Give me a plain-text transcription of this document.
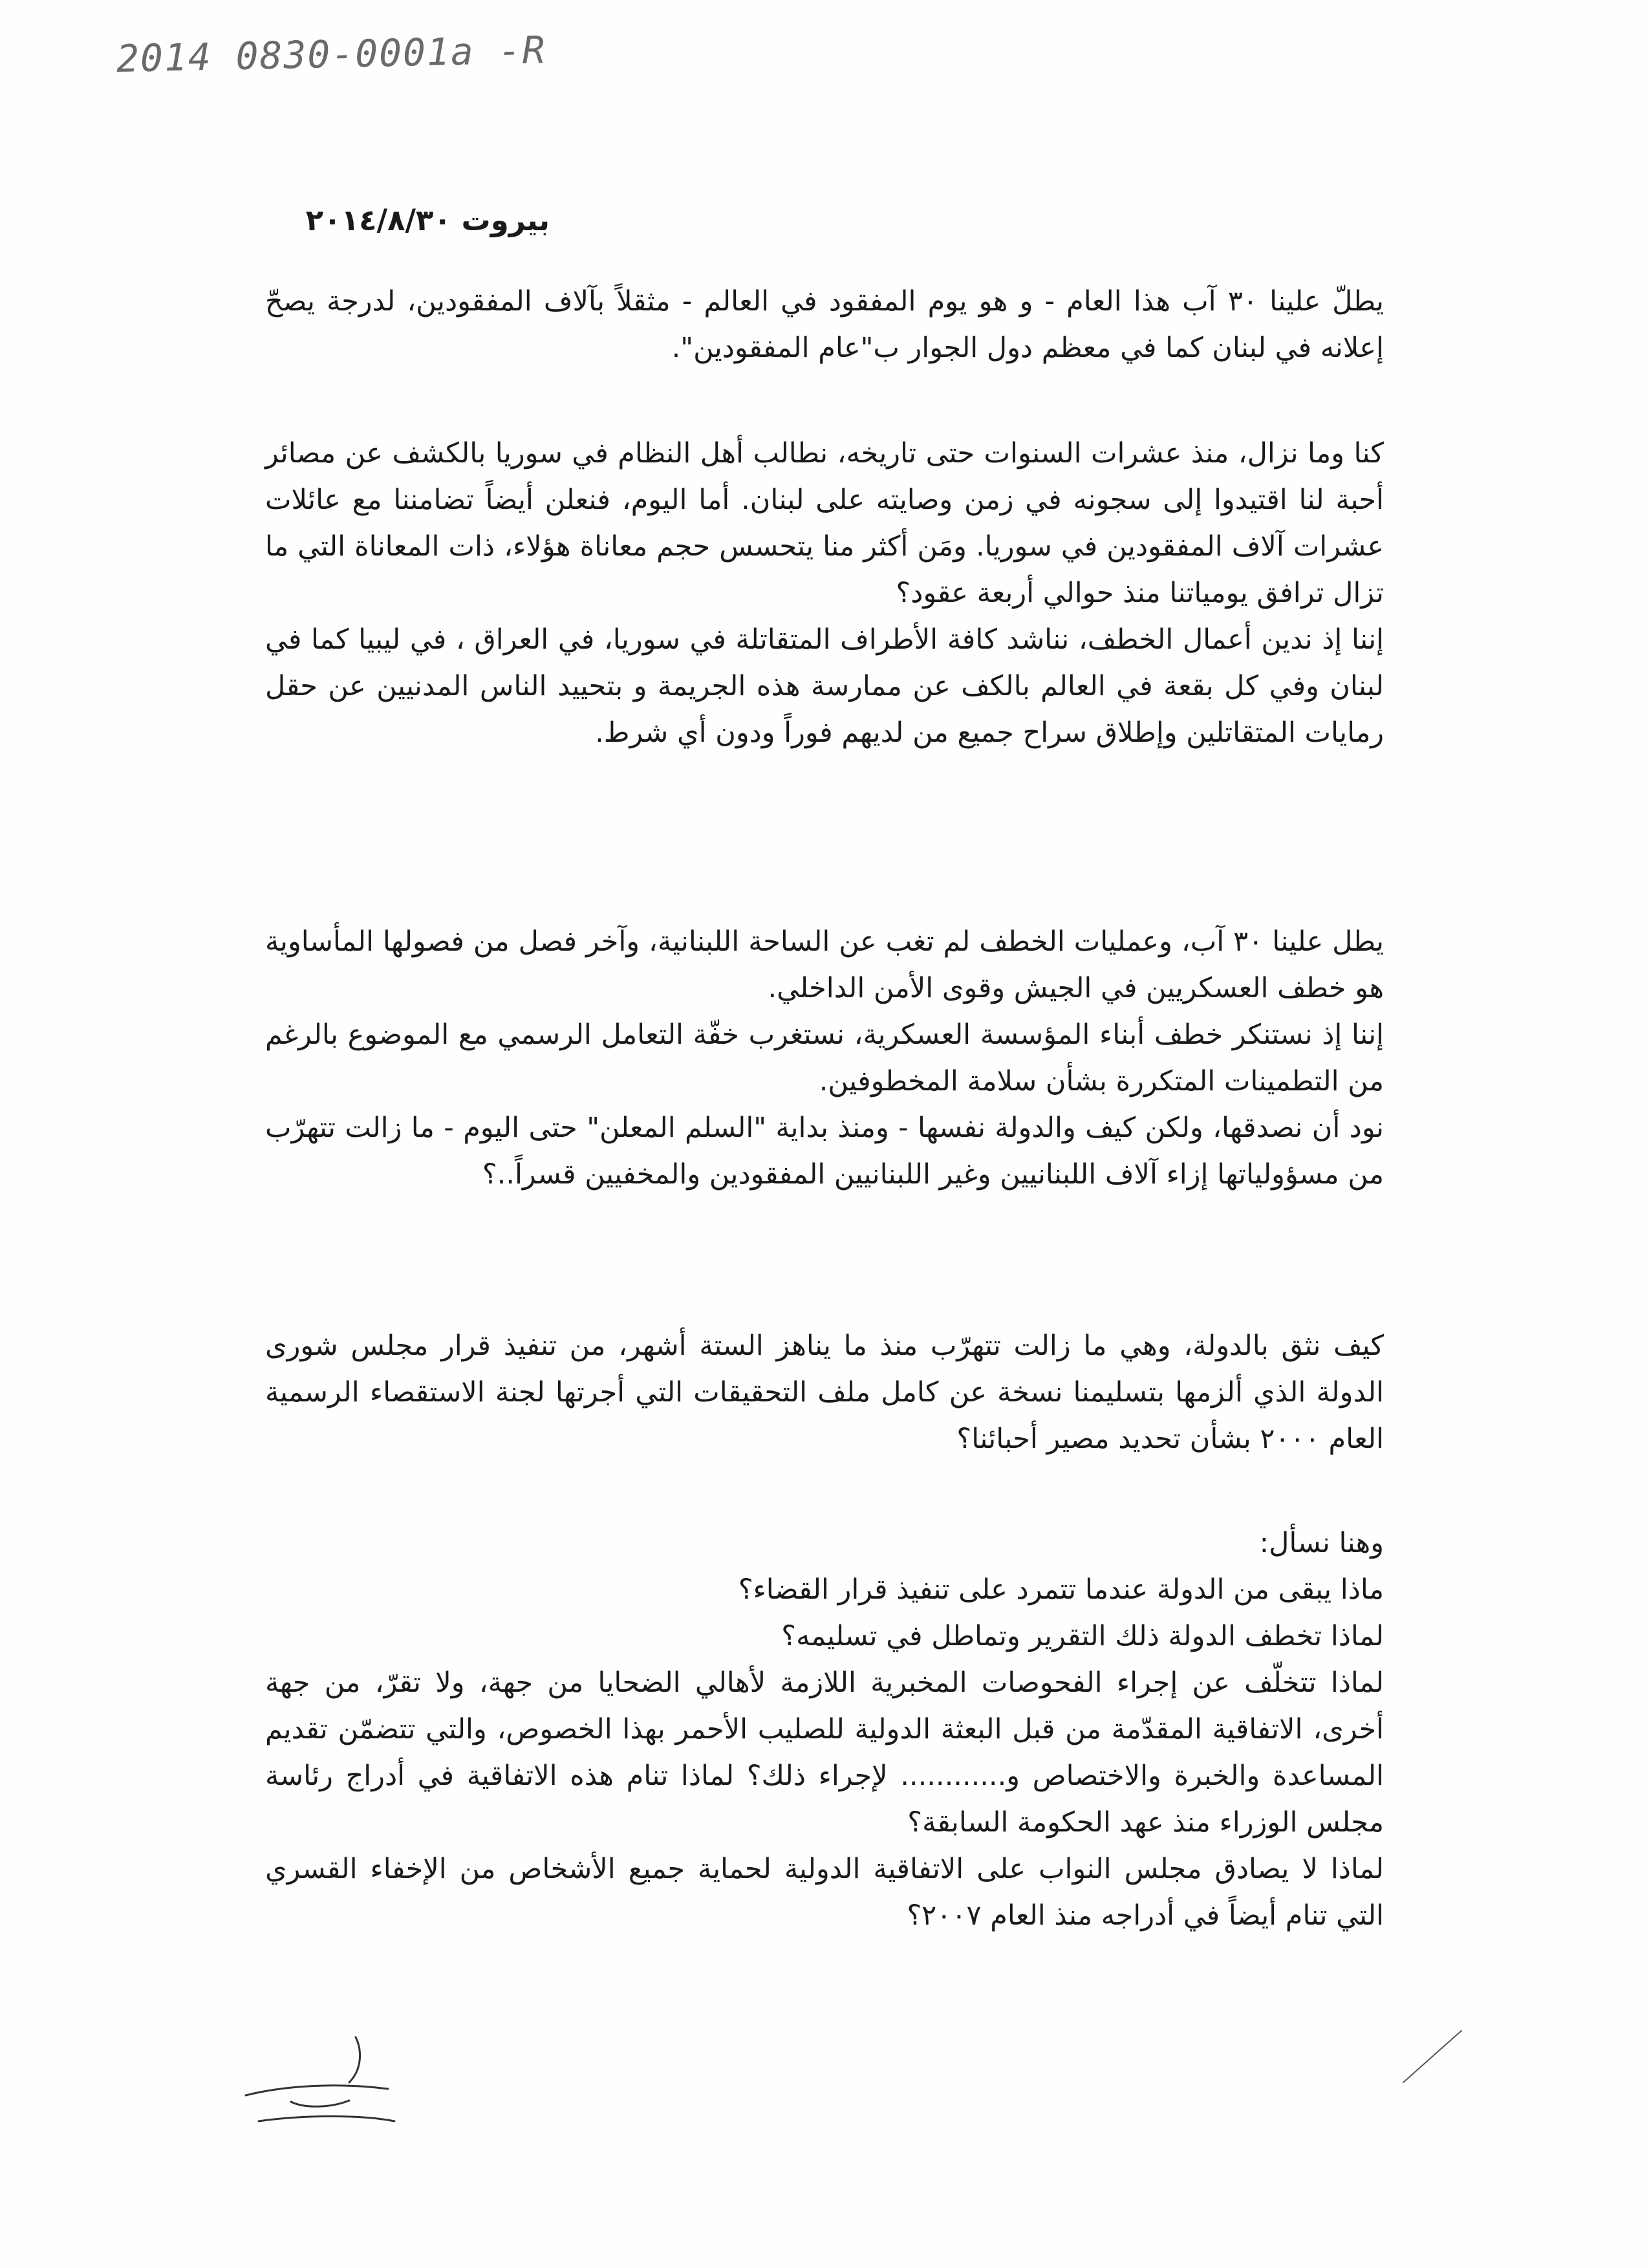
2014 0830-0001a -R
بيروت ٢٠١٤/٨/٣٠

يطلّ علينا ٣٠ آب هذا العام - و هو يوم المفقود في العالم - مثقلاً بآلاف المفقودين، لدرجة يصحّ إعلانه في لبنان كما في معظم دول الجوار ب"عام المفقودين".

كنا وما نزال، منذ عشرات السنوات حتى تاريخه، نطالب أهل النظام في سوريا بالكشف عن مصائر أحبة لنا اقتيدوا إلى سجونه في زمن وصايته على لبنان. أما اليوم، فنعلن أيضاً تضامننا مع عائلات عشرات آلاف المفقودين في سوريا. ومَن أكثر منا يتحسس حجم معاناة هؤلاء، ذات المعاناة التي ما تزال ترافق يومياتنا منذ حوالي أربعة عقود؟

إننا إذ ندين أعمال الخطف، نناشد كافة الأطراف المتقاتلة في سوريا، في العراق ، في ليبيا كما في لبنان وفي كل بقعة في العالم بالكف عن ممارسة هذه الجريمة و بتحييد الناس المدنيين عن حقل رمايات المتقاتلين وإطلاق سراح جميع من لديهم فوراً ودون أي شرط.

يطل علينا ٣٠ آب، وعمليات الخطف لم تغب عن الساحة اللبنانية، وآخر فصل من فصولها المأساوية هو خطف العسكريين في الجيش وقوى الأمن الداخلي.

إننا إذ نستنكر خطف أبناء المؤسسة العسكرية، نستغرب خفّة التعامل الرسمي مع الموضوع بالرغم من التطمينات المتكررة بشأن سلامة المخطوفين.

نود أن نصدقها، ولكن كيف والدولة نفسها - ومنذ بداية "السلم المعلن" حتى اليوم - ما زالت تتهرّب من مسؤولياتها إزاء آلاف اللبنانيين وغير اللبنانيين المفقودين والمخفيين قسراً..؟

كيف نثق بالدولة، وهي ما زالت تتهرّب منذ ما يناهز الستة أشهر، من تنفيذ قرار مجلس شورى الدولة الذي ألزمها بتسليمنا نسخة عن كامل ملف التحقيقات التي أجرتها لجنة الاستقصاء الرسمية العام ٢٠٠٠ بشأن تحديد مصير أحبائنا؟

وهنا نسأل:

ماذا يبقى من الدولة عندما تتمرد على تنفيذ قرار القضاء؟

لماذا تخطف الدولة ذلك التقرير وتماطل في تسليمه؟

لماذا تتخلّف عن إجراء الفحوصات المخبرية اللازمة لأهالي الضحايا من جهة، ولا تقرّ، من جهة أخرى، الاتفاقية المقدّمة من قبل البعثة الدولية للصليب الأحمر بهذا الخصوص، والتي تتضمّن تقديم المساعدة والخبرة والاختصاص و............ لإجراء ذلك؟ لماذا تنام هذه الاتفاقية في أدراج رئاسة مجلس الوزراء منذ عهد الحكومة السابقة؟

لماذا لا يصادق مجلس النواب على الاتفاقية الدولية لحماية جميع الأشخاص من الإخفاء القسري التي تنام أيضاً في أدراجه منذ العام ٢٠٠٧؟
